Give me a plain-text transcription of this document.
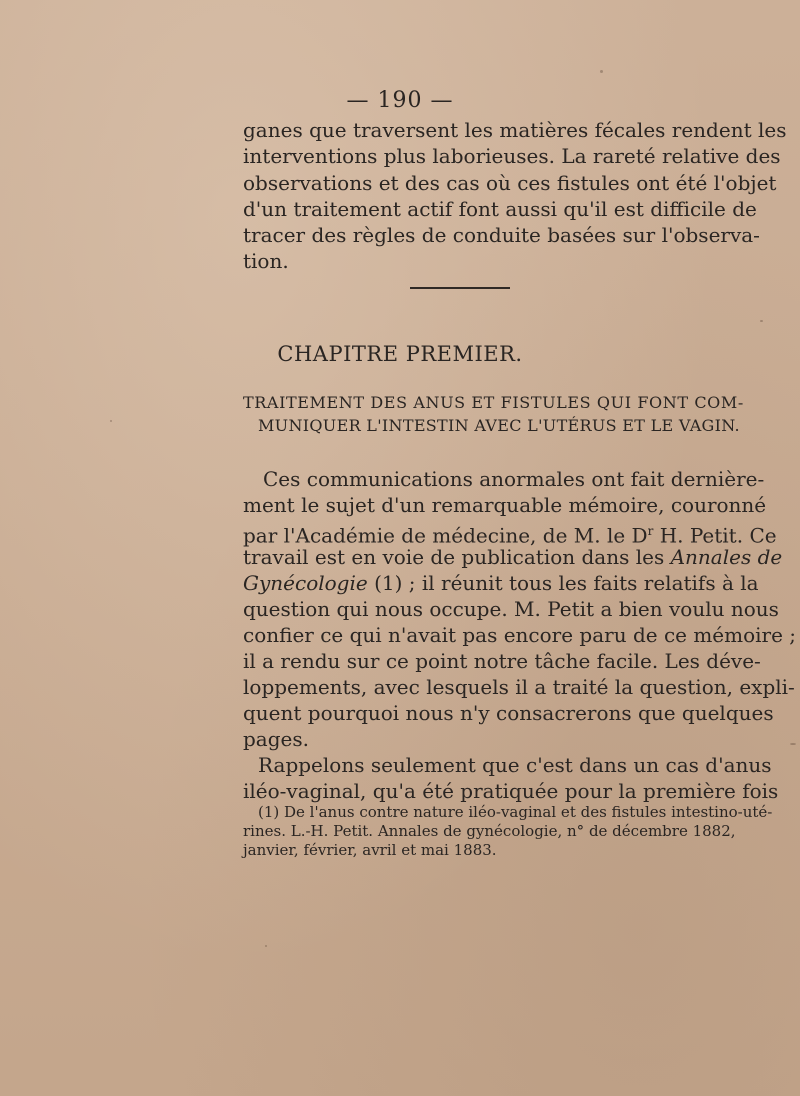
— 190 —
ganes que traversent les matières fécales rendent les
interventions plus laborieuses. La rareté relative des
observations et des cas où ces fistules ont été l'objet
d'un traitement actif font aussi qu'il est difficile de
tracer des règles de conduite basées sur l'observa-
tion.
CHAPITRE PREMIER.
TRAITEMENT DES ANUS ET FISTULES QUI FONT COM-
MUNIQUER L'INTESTIN AVEC L'UTÉRUS ET LE VAGIN.
Ces communications anormales ont fait dernière-
ment le sujet d'un remarquable mémoire, couronné
par l'Académie de médecine, de M. le $D^r$ H. Petit. Ce
travail est en voie de publication dans les Annales de
Gynécologie (1) ; il réunit tous les faits relatifs à la
question qui nous occupe. M. Petit a bien voulu nous
confier ce qui n'avait pas encore paru de ce mémoire ;
il a rendu sur ce point notre tâche facile. Les déve-
loppements, avec lesquels il a traité la question, expli-
quent pourquoi nous n'y consacrerons que quelques
pages.
Rappelons seulement que c'est dans un cas d'anus
iléo-vaginal, qu'a été pratiquée pour la première fois
(1) De l'anus contre nature iléo-vaginal et des fistules intestino-uté-
rines. L.-H. Petit. Annales de gynécologie, n° de décembre 1882,
janvier, février, avril et mai 1883.
